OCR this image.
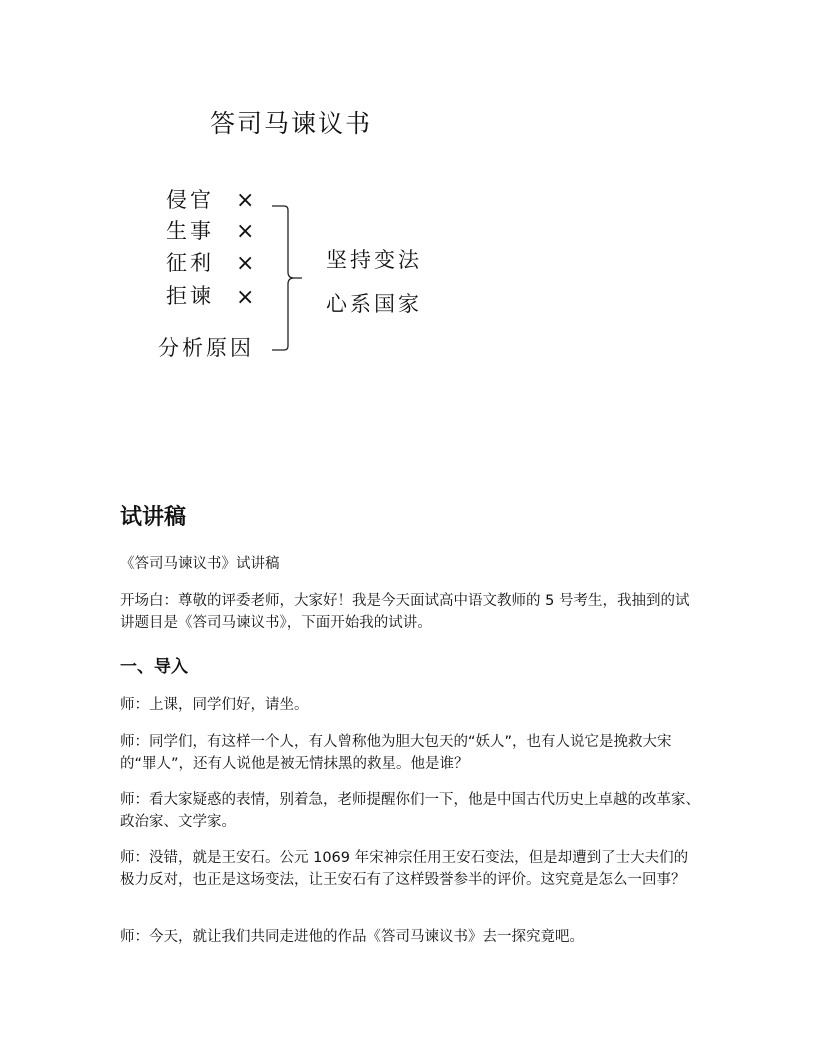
答司马谏议书
侵官 ×
生事 ×
征利 ×
拒谏 ×
分析原因
坚持变法
心系国家
试讲稿
《答司马谏议书》试讲稿
开场白：尊敬的评委老师，大家好！我是今天面试高中语文教师的 5 号考生，我抽到的试讲题目是《答司马谏议书》，下面开始我的试讲。
一、导入
师：上课，同学们好，请坐。
师：同学们，有这样一个人，有人曾称他为胆大包天的“妖人”，也有人说它是挽救大宋的“罪人”，还有人说他是被无情抹黑的救星。他是谁？
师：看大家疑惑的表情，别着急，老师提醒你们一下，他是中国古代历史上卓越的改革家、政治家、文学家。
师：没错，就是王安石。公元 1069 年宋神宗任用王安石变法，但是却遭到了士大夫们的极力反对，也正是这场变法，让王安石有了这样毁誉参半的评价。这究竟是怎么一回事？
师：今天，就让我们共同走进他的作品《答司马谏议书》去一探究竟吧。
